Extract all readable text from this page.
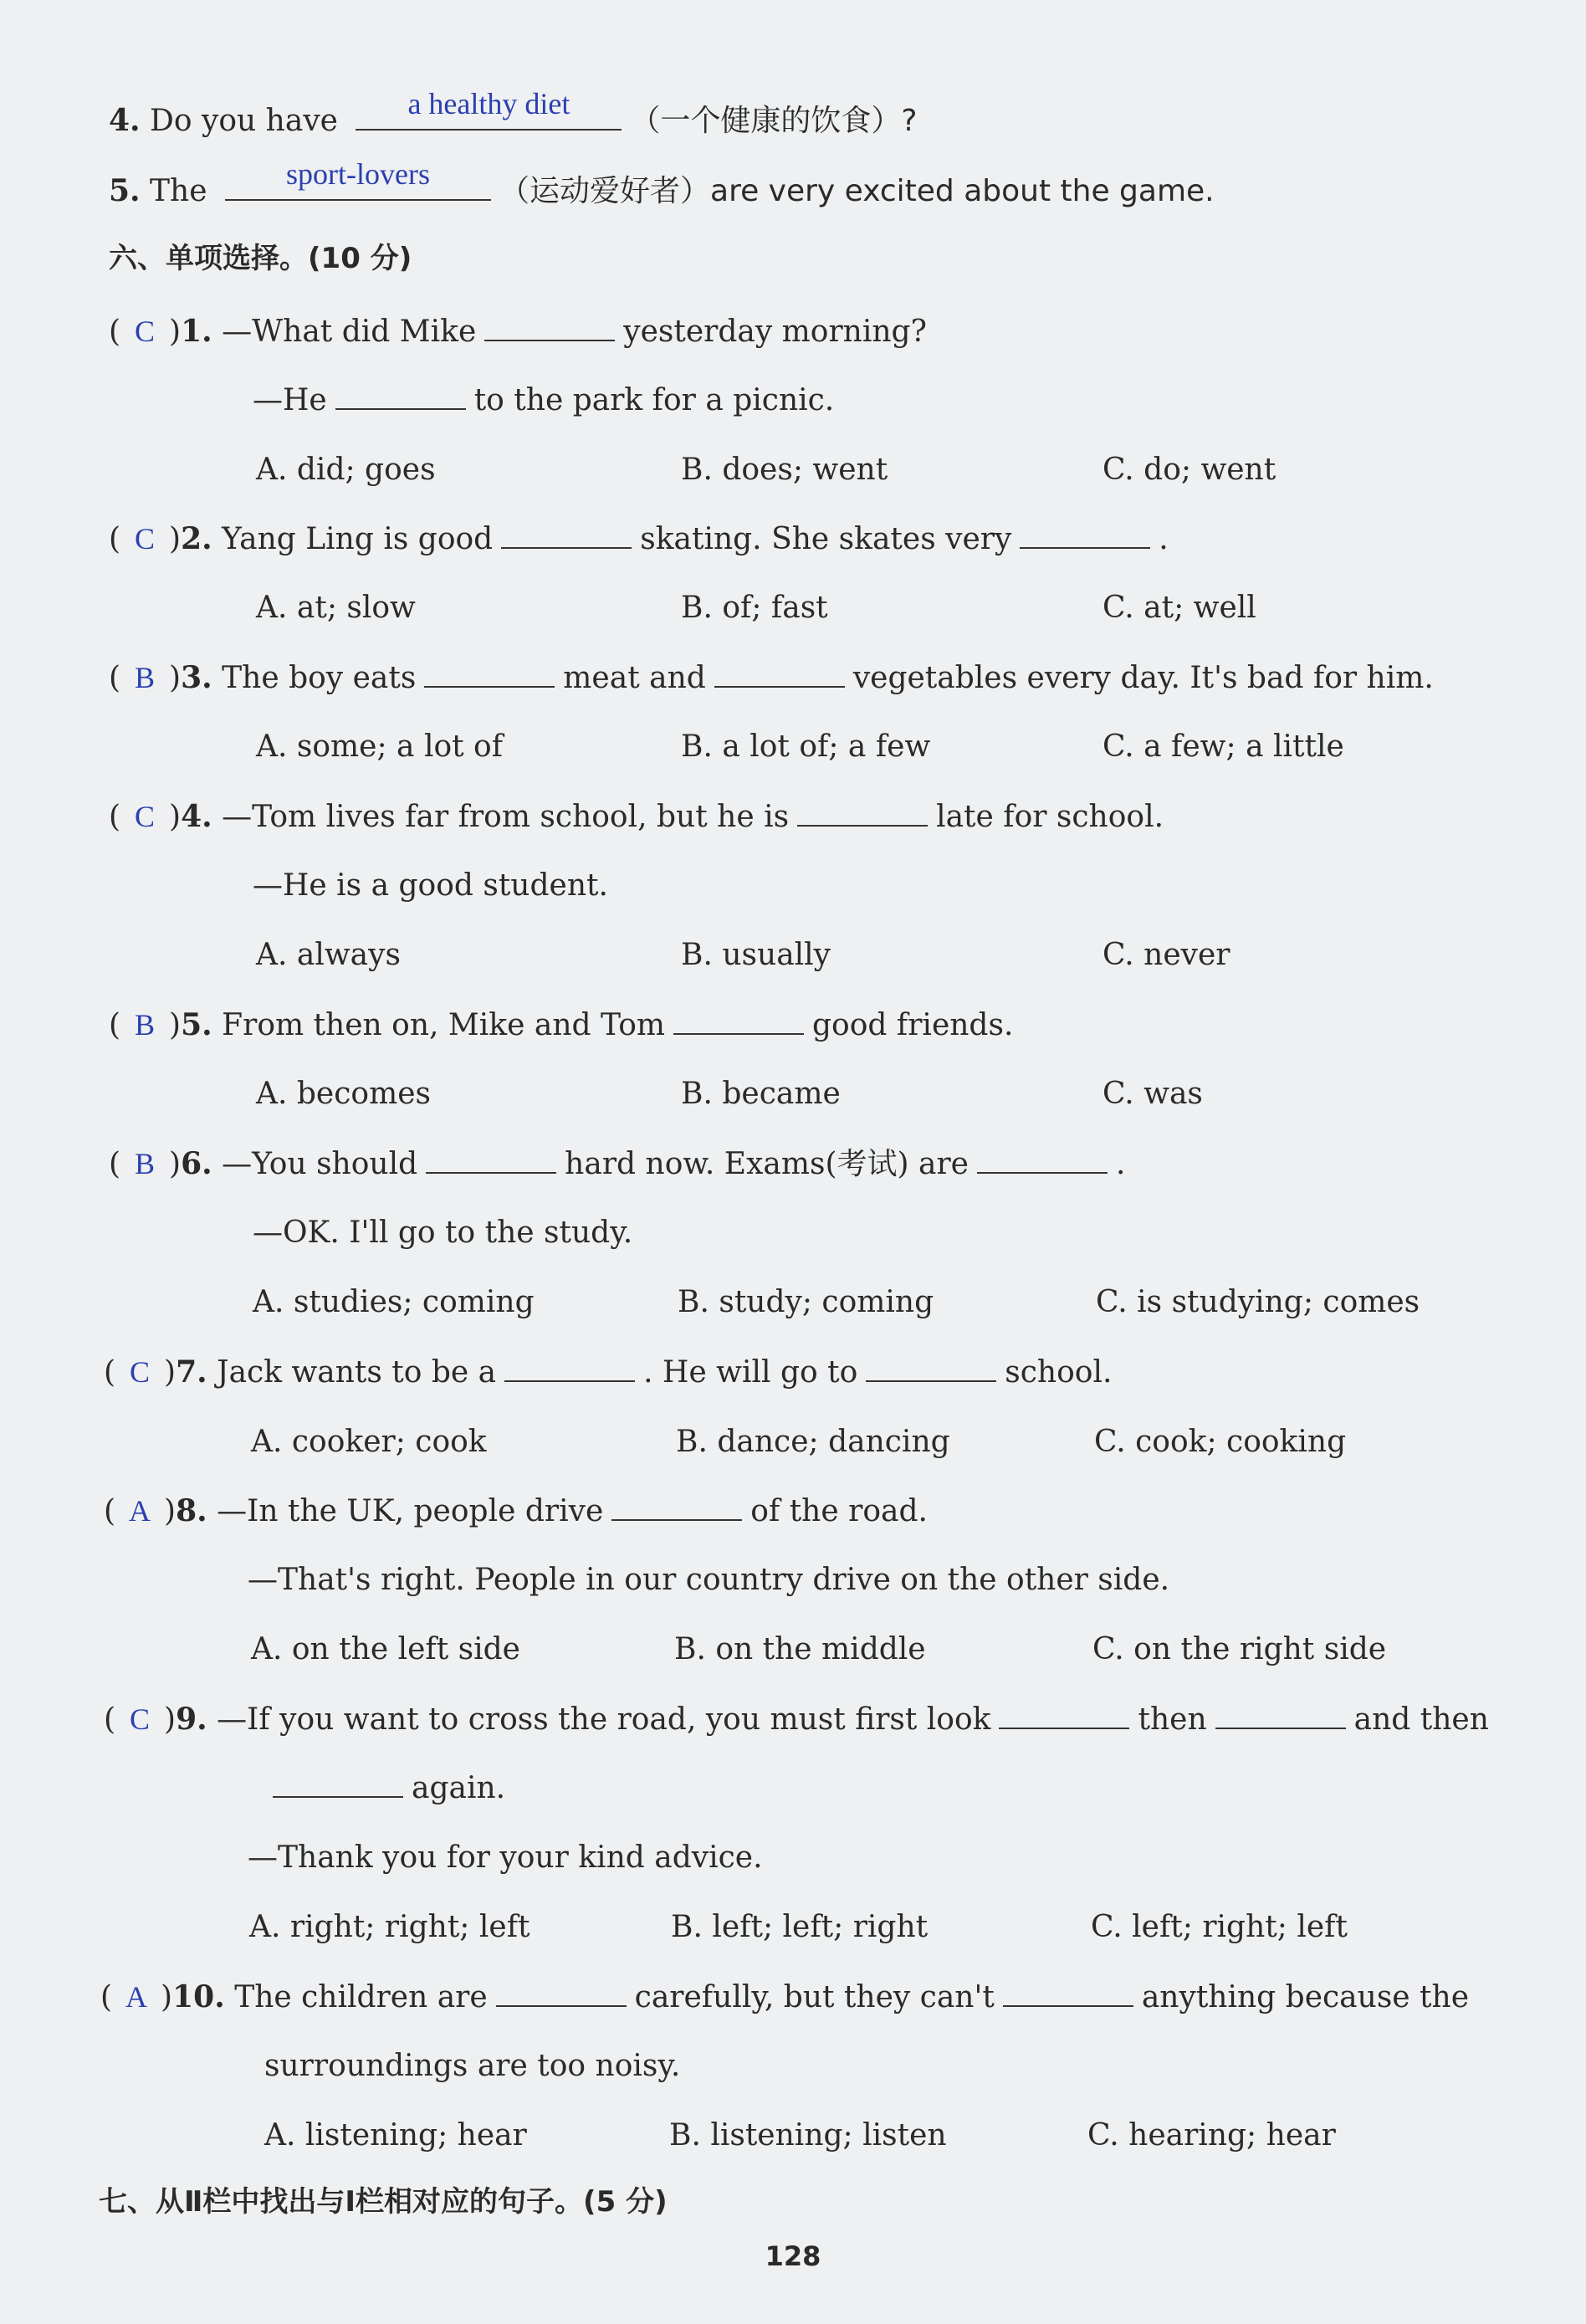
4. Do you have	a healthy diet	（一个健康的饮食）?
5. The	sport-lovers	（运动爱好者）are very excited about the game.
六、单项选择。(10 分)
( C )1. —What did Mike	yesterday morning?
—He	to the park for a picnic.
A. did; goes	B. does; went	C. do; went
( C )2. Yang Ling is good	skating. She skates very	.
A. at; slow	B. of; fast	C. at; well
( B )3. The boy eats	meat and	vegetables every day. It's bad for him.
A. some; a lot of	B. a lot of; a few	C. a few; a little
( C )4. —Tom lives far from school, but he is	late for school.
—He is a good student.
A. always	B. usually	C. never
( B )5. From then on, Mike and Tom	good friends.
A. becomes	B. became	C. was
( B )6. —You should	hard now. Exams(考试) are	.
—OK. I'll go to the study.
A. studies; coming	B. study; coming	C. is studying; comes
( C )7. Jack wants to be a	. He will go to	school.
A. cooker; cook	B. dance; dancing	C. cook; cooking
( A )8. —In the UK, people drive	of the road.
—That's right. People in our country drive on the other side.
A. on the left side	B. on the middle	C. on the right side
( C )9. —If you want to cross the road, you must first look	then	and then
again.
—Thank you for your kind advice.
A. right; right; left	B. left; left; right	C. left; right; left
( A )10. The children are	carefully, but they can't	anything because the
surroundings are too noisy.
A. listening; hear	B. listening; listen	C. hearing; hear
七、从Ⅱ栏中找出与Ⅰ栏相对应的句子。(5 分)
128
